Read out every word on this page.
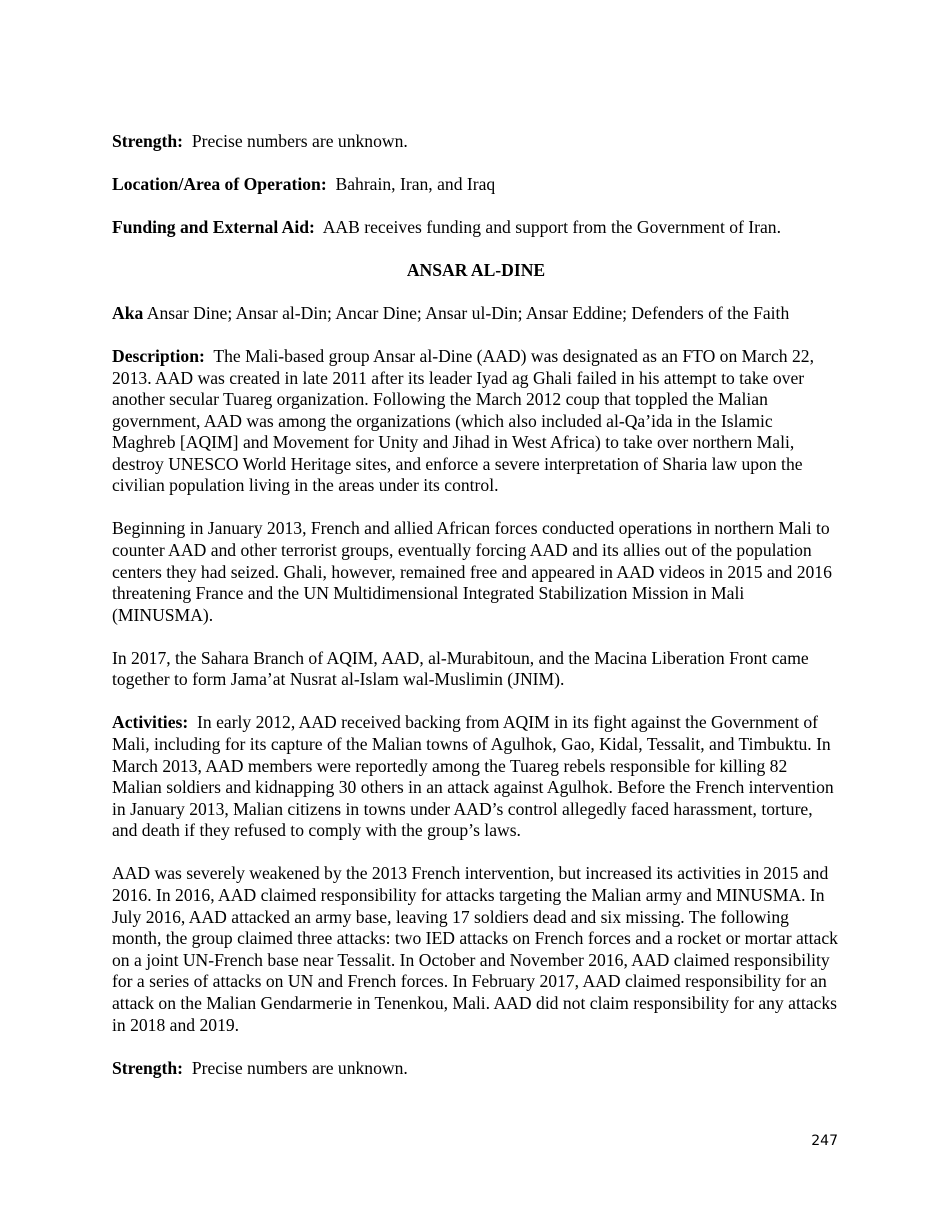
Strength: Precise numbers are unknown.

Location/Area of Operation: Bahrain, Iran, and Iraq

Funding and External Aid: AAB receives funding and support from the Government of Iran.

ANSAR AL-DINE

Aka Ansar Dine; Ansar al-Din; Ancar Dine; Ansar ul-Din; Ansar Eddine; Defenders of the Faith

Description: The Mali-based group Ansar al-Dine (AAD) was designated as an FTO on March 22, 2013. AAD was created in late 2011 after its leader Iyad ag Ghali failed in his attempt to take over another secular Tuareg organization. Following the March 2012 coup that toppled the Malian government, AAD was among the organizations (which also included al-Qa’ida in the Islamic Maghreb [AQIM] and Movement for Unity and Jihad in West Africa) to take over northern Mali, destroy UNESCO World Heritage sites, and enforce a severe interpretation of Sharia law upon the civilian population living in the areas under its control.

Beginning in January 2013, French and allied African forces conducted operations in northern Mali to counter AAD and other terrorist groups, eventually forcing AAD and its allies out of the population centers they had seized. Ghali, however, remained free and appeared in AAD videos in 2015 and 2016 threatening France and the UN Multidimensional Integrated Stabilization Mission in Mali (MINUSMA).

In 2017, the Sahara Branch of AQIM, AAD, al-Murabitoun, and the Macina Liberation Front came together to form Jama’at Nusrat al-Islam wal-Muslimin (JNIM).

Activities: In early 2012, AAD received backing from AQIM in its fight against the Government of Mali, including for its capture of the Malian towns of Agulhok, Gao, Kidal, Tessalit, and Timbuktu. In March 2013, AAD members were reportedly among the Tuareg rebels responsible for killing 82 Malian soldiers and kidnapping 30 others in an attack against Agulhok. Before the French intervention in January 2013, Malian citizens in towns under AAD’s control allegedly faced harassment, torture, and death if they refused to comply with the group’s laws.

AAD was severely weakened by the 2013 French intervention, but increased its activities in 2015 and 2016. In 2016, AAD claimed responsibility for attacks targeting the Malian army and MINUSMA. In July 2016, AAD attacked an army base, leaving 17 soldiers dead and six missing. The following month, the group claimed three attacks: two IED attacks on French forces and a rocket or mortar attack on a joint UN-French base near Tessalit. In October and November 2016, AAD claimed responsibility for a series of attacks on UN and French forces. In February 2017, AAD claimed responsibility for an attack on the Malian Gendarmerie in Tenenkou, Mali. AAD did not claim responsibility for any attacks in 2018 and 2019.

Strength: Precise numbers are unknown.

247
